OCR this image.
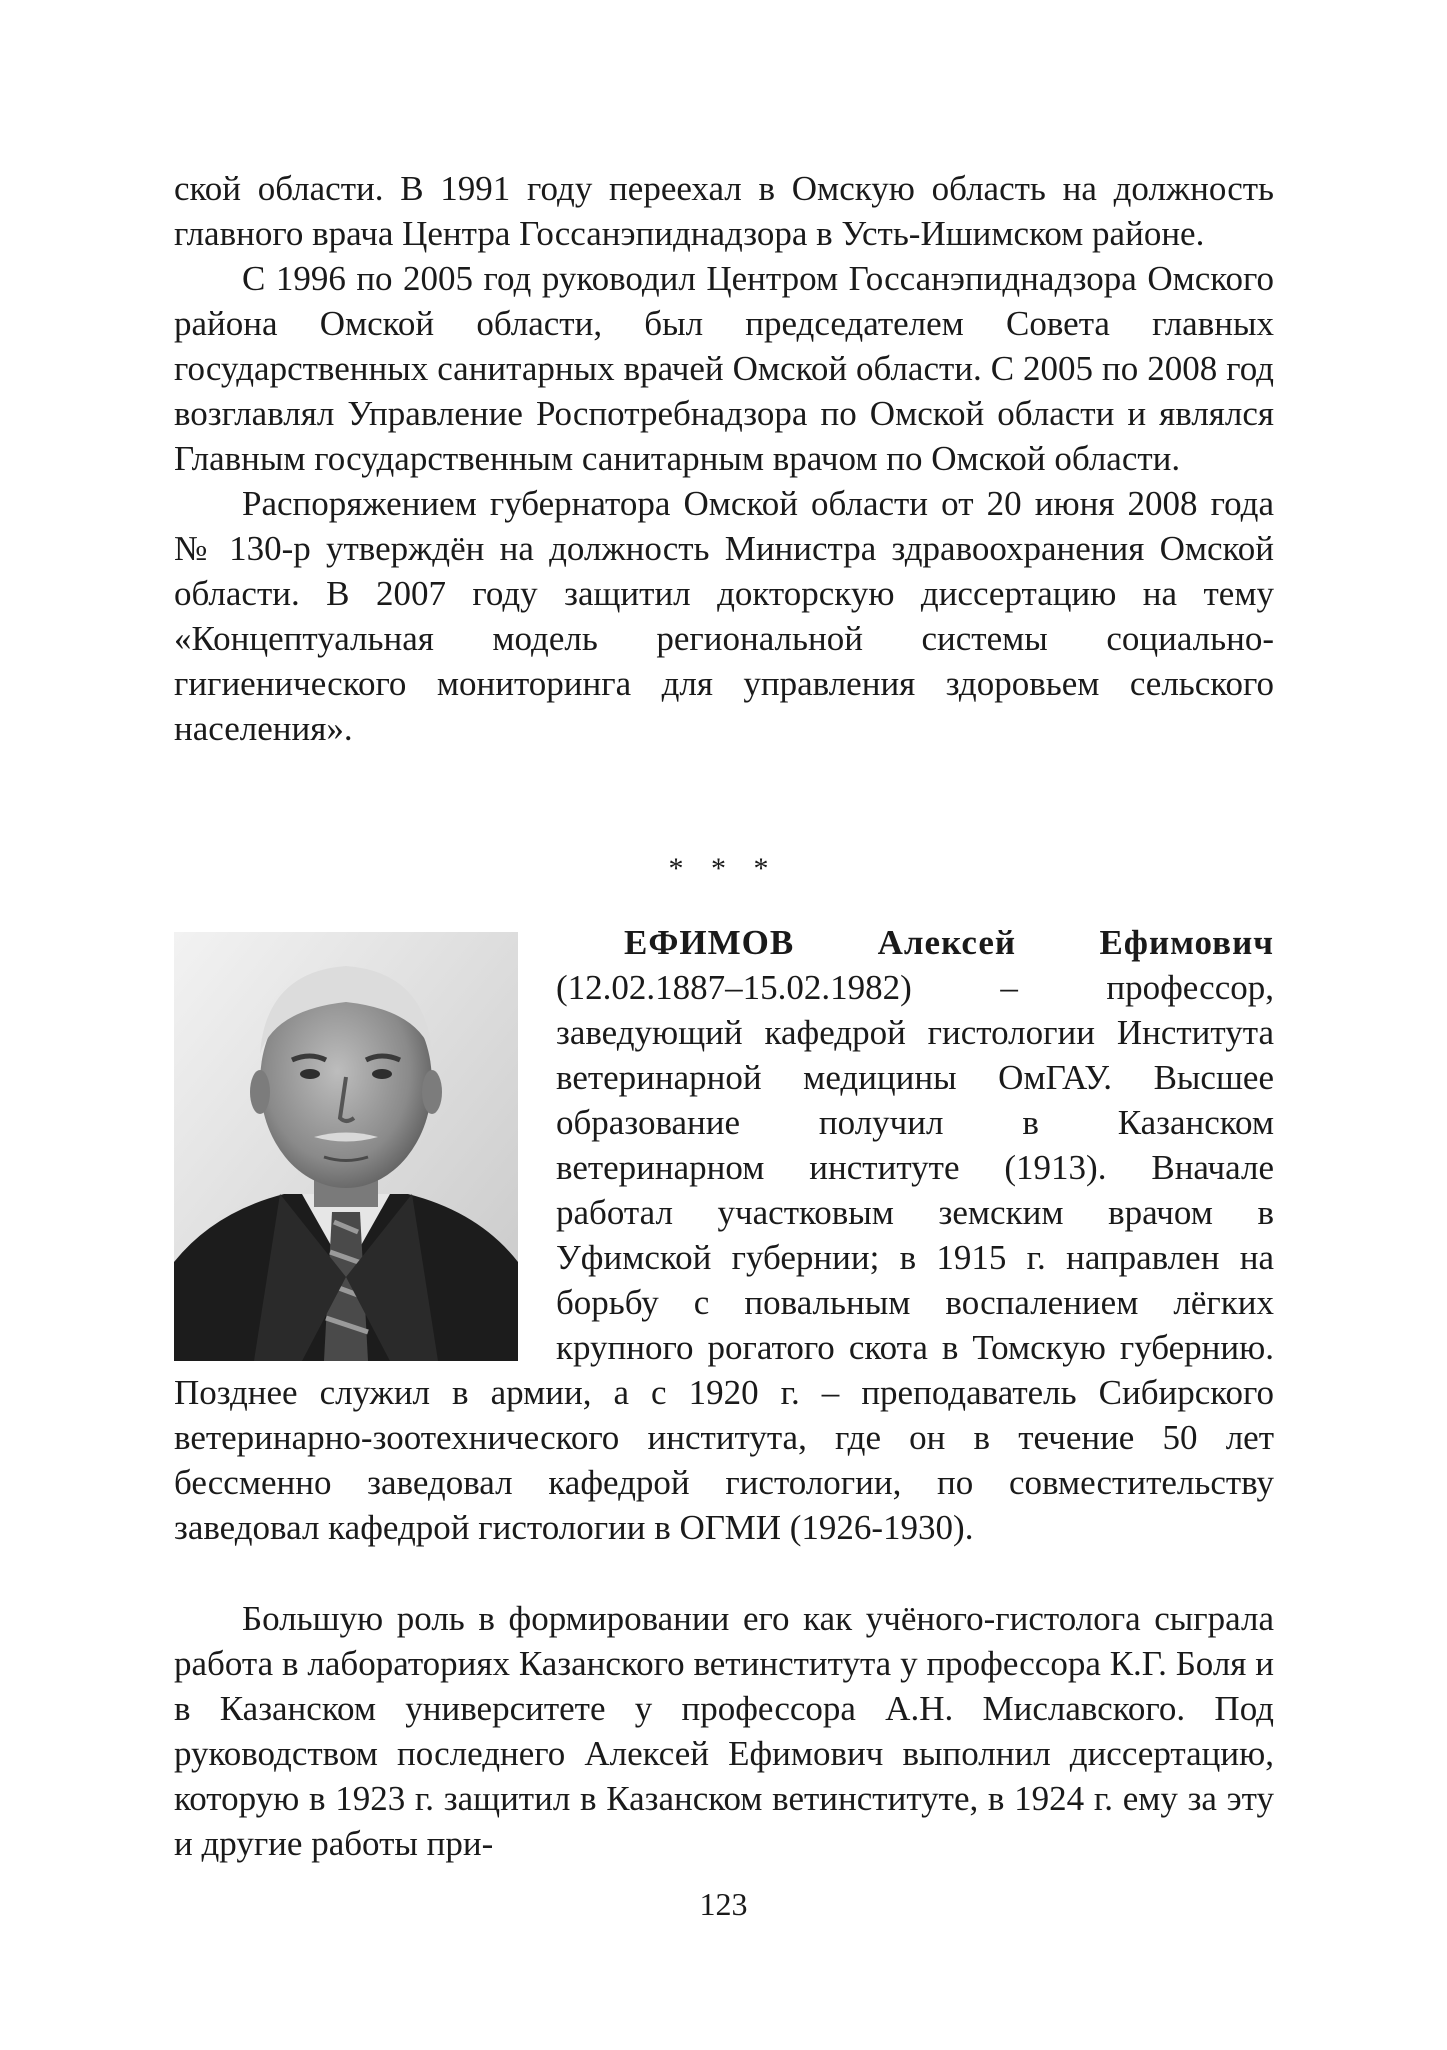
ской области. В 1991 году переехал в Омскую область на должность главного врача Центра Госсанэпиднадзора в Усть-Ишимском районе.

С 1996 по 2005 год руководил Центром Госсанэпиднадзора Омского района Омской области, был председателем Совета главных государственных санитарных врачей Омской области. С 2005 по 2008 год возглавлял Управление Роспотребнадзора по Омской области и являлся Главным государственным санитарным врачом по Омской области.

Распоряжением губернатора Омской области от 20 июня 2008 года № 130-р утверждён на должность Министра здравоохранения Омской области. В 2007 году защитил докторскую диссертацию на тему «Концептуальная модель региональной системы социально-гигиенического мониторинга для управления здоровьем сельского населения».

* * *

ЕФИМОВ Алексей Ефимович (12.02.1887–15.02.1982) – профессор, заведующий кафедрой гистологии Института ветеринарной медицины ОмГАУ. Высшее образование получил в Казанском ветеринарном институте (1913). Вначале работал участковым земским врачом в Уфимской губернии; в 1915 г. направлен на борьбу с повальным воспалением лёгких крупного рогатого скота в Томскую губернию. Позднее служил в армии, а с 1920 г. – преподаватель Сибирского ветеринарно-зоотехнического института, где он в течение 50 лет бессменно заведовал кафедрой гистологии, по совместительству заведовал кафедрой гистологии в ОГМИ (1926-1930).

Большую роль в формировании его как учёного-гистолога сыграла работа в лабораториях Казанского ветинститута у профессора К.Г. Боля и в Казанском университете у профессора А.Н. Миславского. Под руководством последнего Алексей Ефимович выполнил диссертацию, которую в 1923 г. защитил в Казанском ветинституте, в 1924 г. ему за эту и другие работы при-

123
